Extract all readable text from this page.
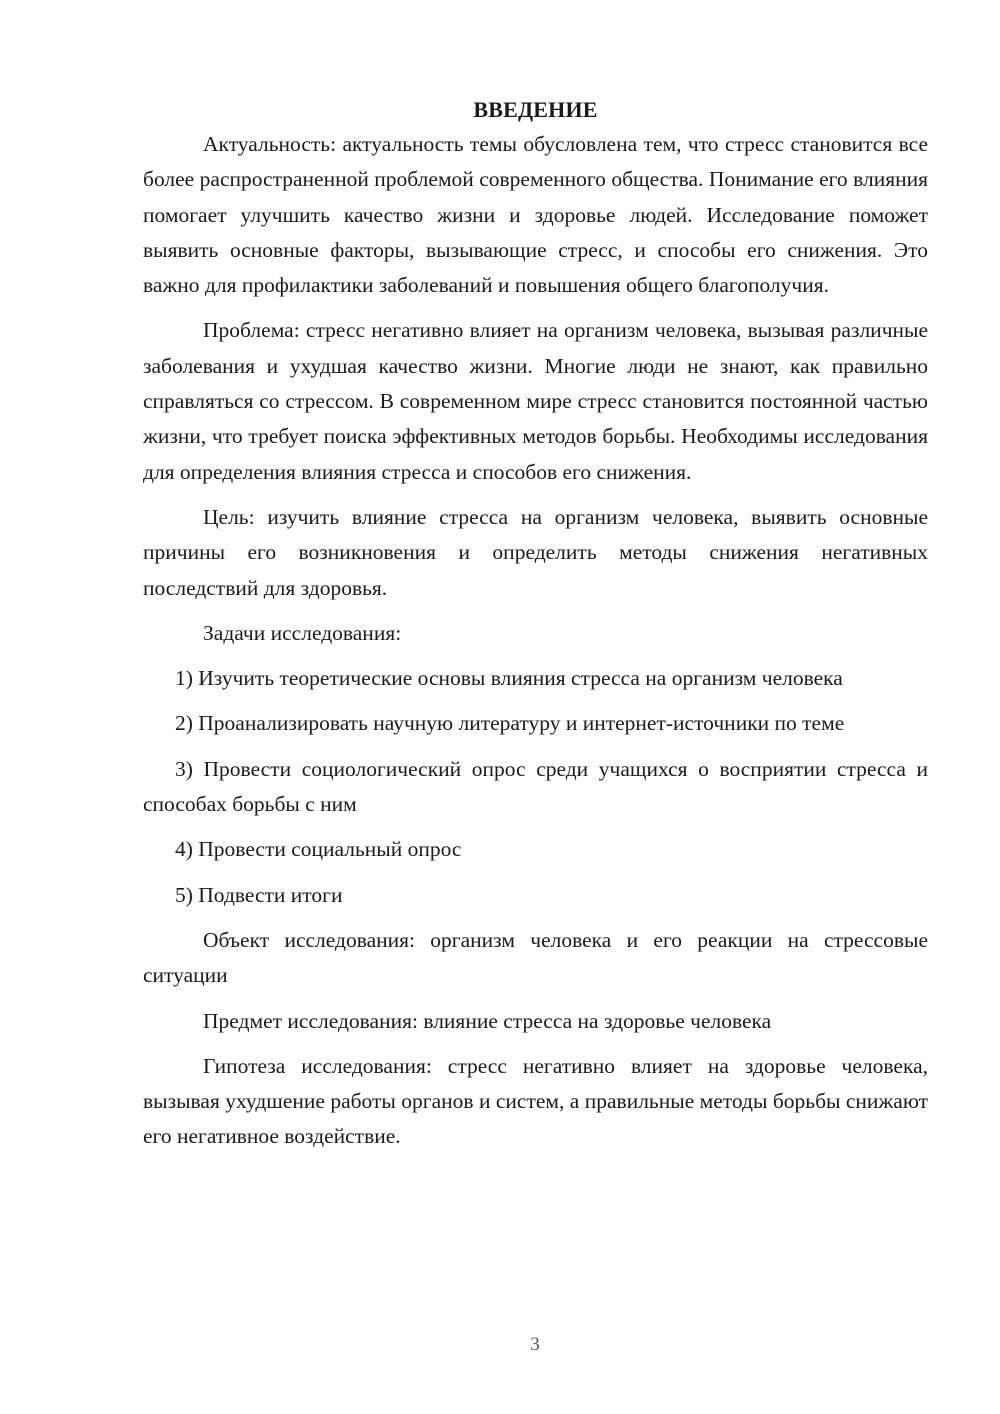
ВВЕДЕНИЕ

Актуальность: актуальность темы обусловлена тем, что стресс становится все более распространенной проблемой современного общества. Понимание его влияния помогает улучшить качество жизни и здоровье людей. Исследование поможет выявить основные факторы, вызывающие стресс, и способы его снижения. Это важно для профилактики заболеваний и повышения общего благополучия.

Проблема: стресс негативно влияет на организм человека, вызывая различные заболевания и ухудшая качество жизни. Многие люди не знают, как правильно справляться со стрессом. В современном мире стресс становится постоянной частью жизни, что требует поиска эффективных методов борьбы. Необходимы исследования для определения влияния стресса и способов его снижения.

Цель: изучить влияние стресса на организм человека, выявить основные причины его возникновения и определить методы снижения негативных последствий для здоровья.

Задачи исследования:

1) Изучить теоретические основы влияния стресса на организм человека

2) Проанализировать научную литературу и интернет-источники по теме

3) Провести социологический опрос среди учащихся о восприятии стресса и способах борьбы с ним

4) Провести социальный опрос

5) Подвести итоги

Объект исследования: организм человека и его реакции на стрессовые ситуации

Предмет исследования: влияние стресса на здоровье человека

Гипотеза исследования: стресс негативно влияет на здоровье человека, вызывая ухудшение работы органов и систем, а правильные методы борьбы снижают его негативное воздействие.

3
